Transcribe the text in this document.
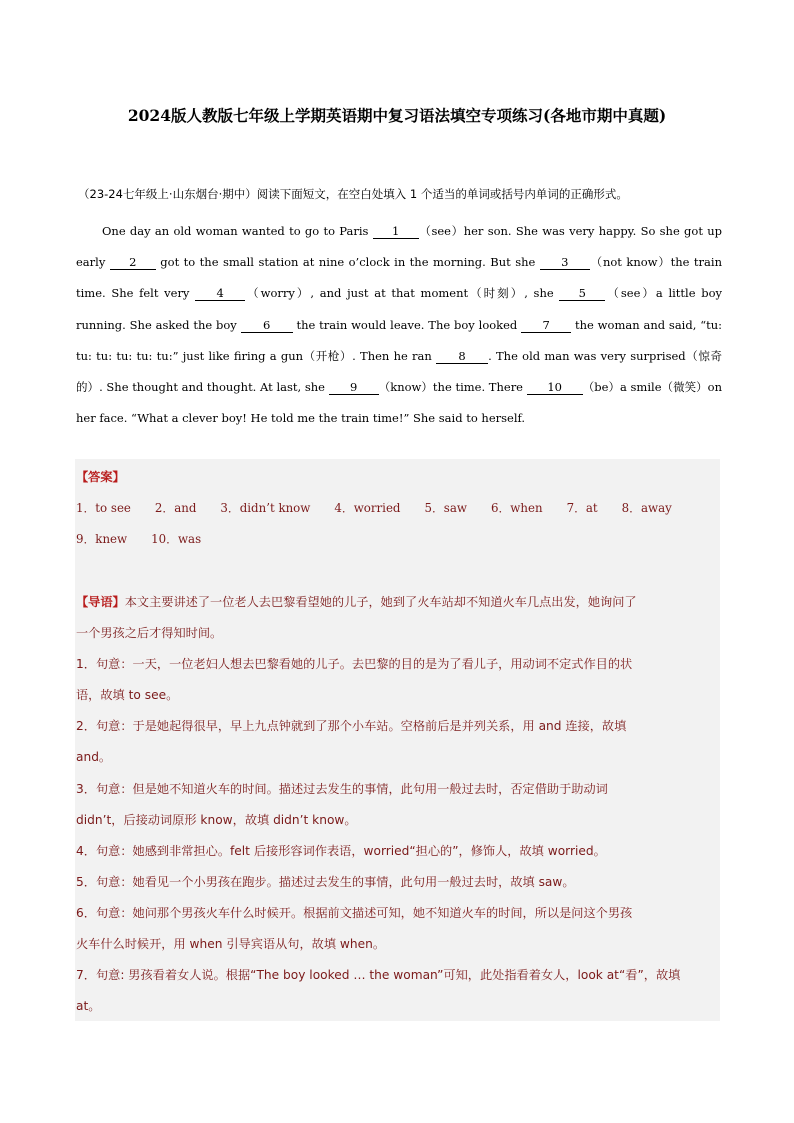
2024版人教版七年级上学期英语期中复习语法填空专项练习(各地市期中真题)
（23-24七年级上·山东烟台·期中）阅读下面短文，在空白处填入 1 个适当的单词或括号内单词的正确形式。
One day an old woman wanted to go to Paris 1 （see）her son. She was very happy. So she got up early 2 got to the small station at nine o’clock in the morning. But she 3 （not know）the train time. She felt very 4 （worry）, and just at that moment（时刻）, she 5 （see）a little boy running. She asked the boy 6 the train would leave. The boy looked 7 the woman and said, “tu: tu: tu: tu: tu: tu:” just like firing a gun（开枪）. Then he ran 8 . The old man was very surprised（惊奇的）. She thought and thought. At last, she 9 （know）the time. There 10 （be）a smile（微笑）on her face. “What a clever boy! He told me the train time!” She said to herself.
【答案】
1．to see 2．and 3．didn’t know 4．worried 5．saw 6．when 7．at 8．away
9．knew 10．was
【导语】本文主要讲述了一位老人去巴黎看望她的儿子，她到了火车站却不知道火车几点出发，她询问了
一个男孩之后才得知时间。
1．句意：一天，一位老妇人想去巴黎看她的儿子。去巴黎的目的是为了看儿子，用动词不定式作目的状
语，故填 to see。
2．句意：于是她起得很早，早上九点钟就到了那个小车站。空格前后是并列关系，用 and 连接，故填
and。
3．句意：但是她不知道火车的时间。描述过去发生的事情，此句用一般过去时，否定借助于助动词
didn’t，后接动词原形 know，故填 didn’t know。
4．句意：她感到非常担心。felt 后接形容词作表语，worried“担心的”，修饰人，故填 worried。
5．句意：她看见一个小男孩在跑步。描述过去发生的事情，此句用一般过去时，故填 saw。
6．句意：她问那个男孩火车什么时候开。根据前文描述可知，她不知道火车的时间，所以是问这个男孩
火车什么时候开，用 when 引导宾语从句，故填 when。
7．句意: 男孩看着女人说。根据“The boy looked … the woman”可知，此处指看着女人，look at“看”，故填
at。
